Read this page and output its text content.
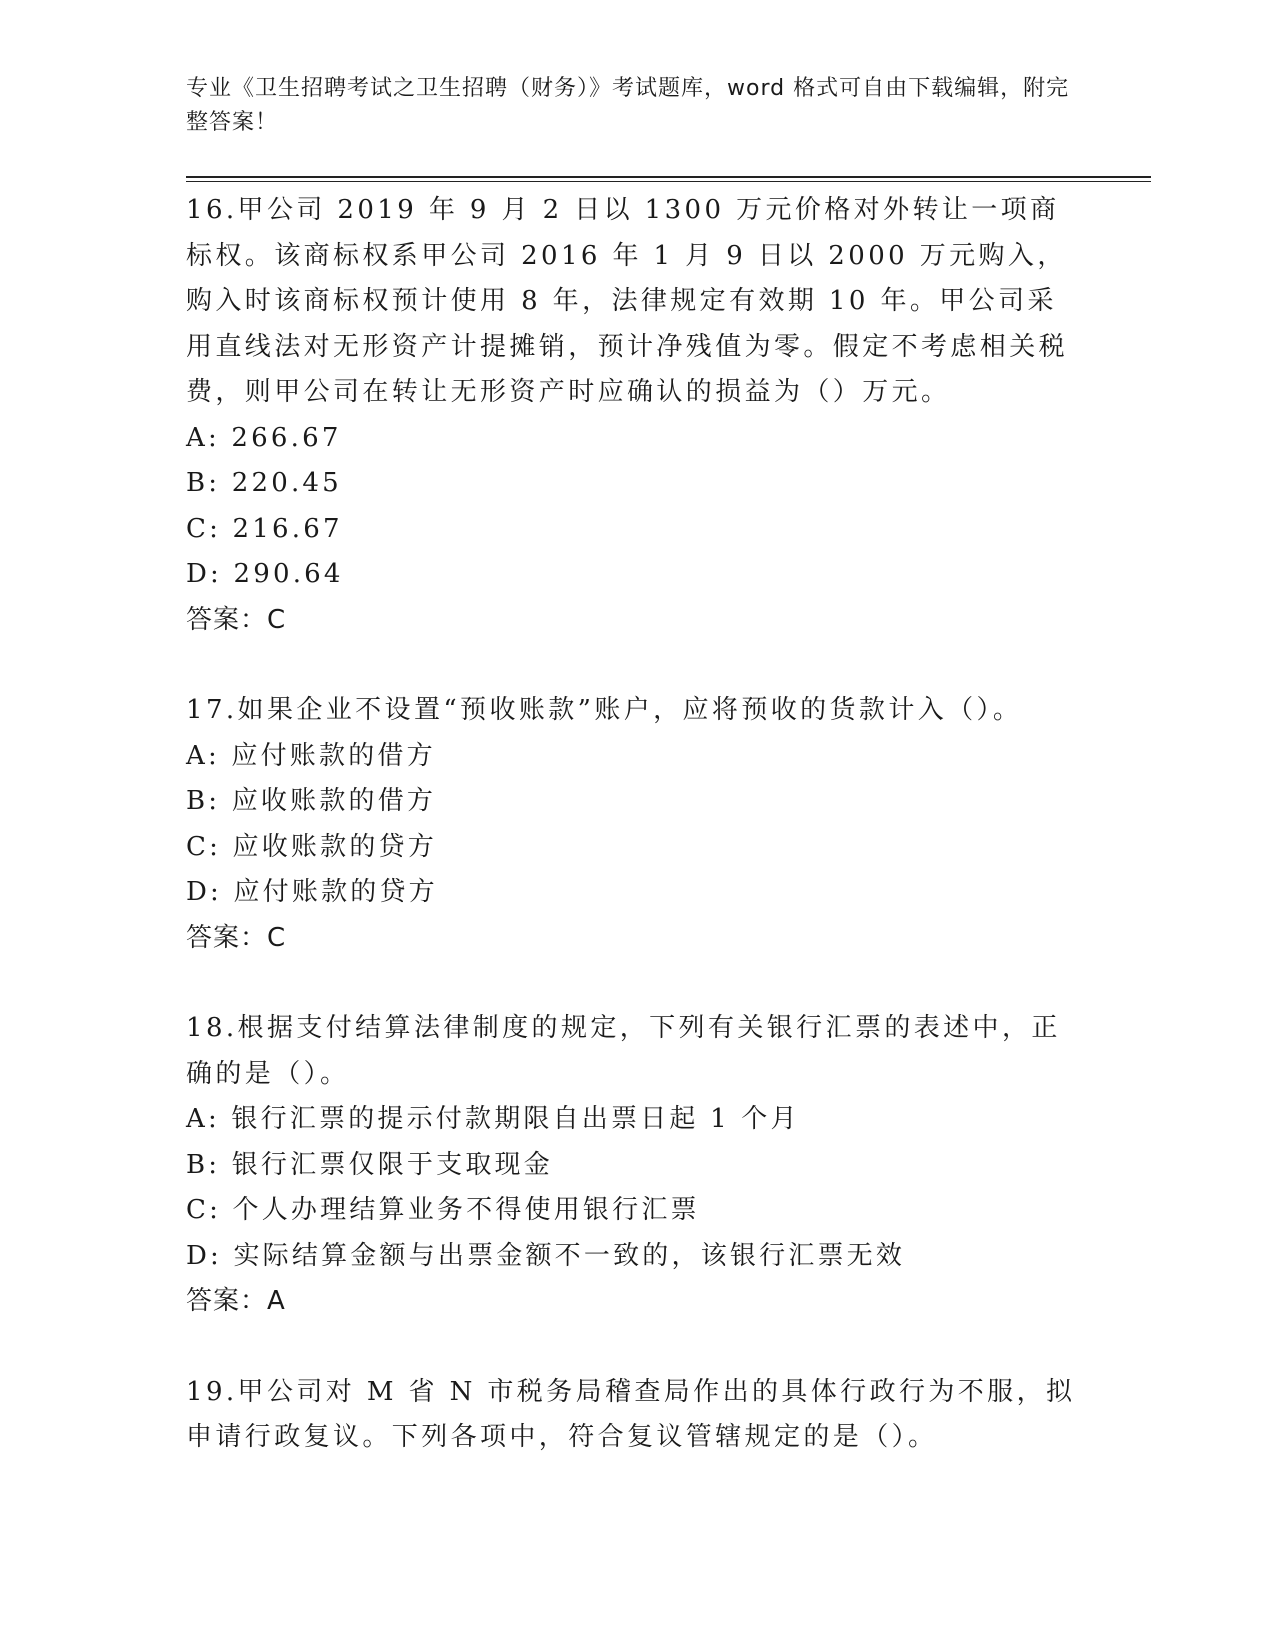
专业《卫生招聘考试之卫生招聘（财务）》考试题库，word 格式可自由下载编辑，附完整答案！

16.甲公司 2019 年 9 月 2 日以 1300 万元价格对外转让一项商标权。该商标权系甲公司 2016 年 1 月 9 日以 2000 万元购入，购入时该商标权预计使用 8 年，法律规定有效期 10 年。甲公司采用直线法对无形资产计提摊销，预计净残值为零。假定不考虑相关税费，则甲公司在转让无形资产时应确认的损益为（）万元。

A: 266.67

B: 220.45

C: 216.67

D: 290.64

答案：C

17.如果企业不设置“预收账款”账户，应将预收的货款计入（）。

A: 应付账款的借方

B: 应收账款的借方

C: 应收账款的贷方

D: 应付账款的贷方

答案：C

18.根据支付结算法律制度的规定，下列有关银行汇票的表述中，正确的是（）。

A: 银行汇票的提示付款期限自出票日起 1 个月

B: 银行汇票仅限于支取现金

C: 个人办理结算业务不得使用银行汇票

D: 实际结算金额与出票金额不一致的，该银行汇票无效

答案：A

19.甲公司对 M 省 N 市税务局稽查局作出的具体行政行为不服，拟申请行政复议。下列各项中，符合复议管辖规定的是（）。
